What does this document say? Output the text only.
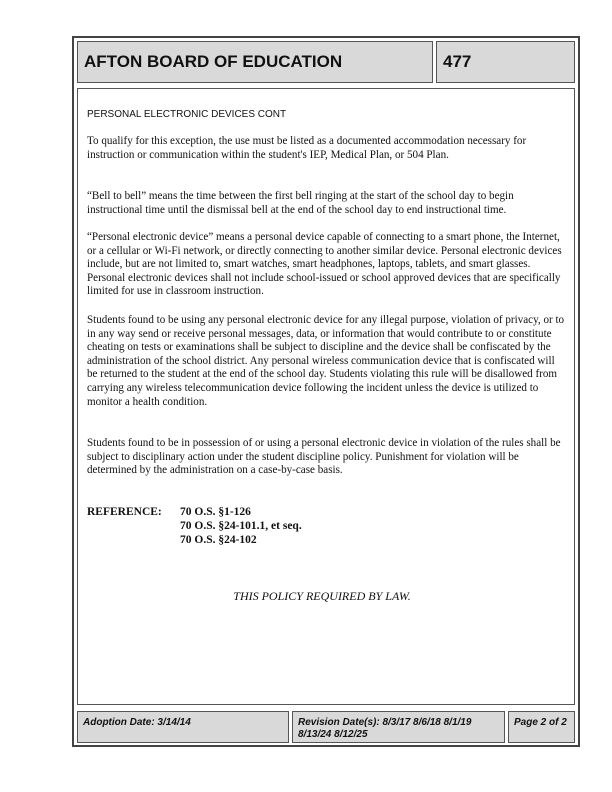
AFTON BOARD OF EDUCATION	477
Adoption Date: 3/14/14	Revision Date(s): 8/3/17 8/6/18 8/1/19 8/13/24 8/12/25
Page 2 of 2
PERSONAL ELECTRONIC DEVICES CONT
To qualify for this exception, the use must be listed as a documented accommodation necessary for instruction or communication within the student's IEP, Medical Plan, or 504 Plan.
“Bell to bell” means the time between the first bell ringing at the start of the school day to begin instructional time until the dismissal bell at the end of the school day to end instructional time.
“Personal electronic device” means a personal device capable of connecting to a smart phone, the Internet, or a cellular or Wi-Fi network, or directly connecting to another similar device. Personal electronic devices include, but are not limited to, smart watches, smart headphones, laptops, tablets, and smart glasses. Personal electronic devices shall not include school-issued or school approved devices that are specifically limited for use in classroom instruction.
Students found to be using any personal electronic device for any illegal purpose, violation of privacy, or to in any way send or receive personal messages, data, or information that would contribute to or constitute cheating on tests or examinations shall be subject to discipline and the device shall be confiscated by the administration of the school district. Any personal wireless communication device that is confiscated will be returned to the student at the end of the school day. Students violating this rule will be disallowed from carrying any wireless telecommunication device following the incident unless the device is utilized to monitor a health condition.
Students found to be in possession of or using a personal electronic device in violation of the rules shall be subject to disciplinary action under the student discipline policy. Punishment for violation will be determined by the administration on a case-by-case basis.
REFERENCE: 70 O.S. §1-126
70 O.S. §24-101.1, et seq.
70 O.S. §24-102
THIS POLICY REQUIRED BY LAW.
